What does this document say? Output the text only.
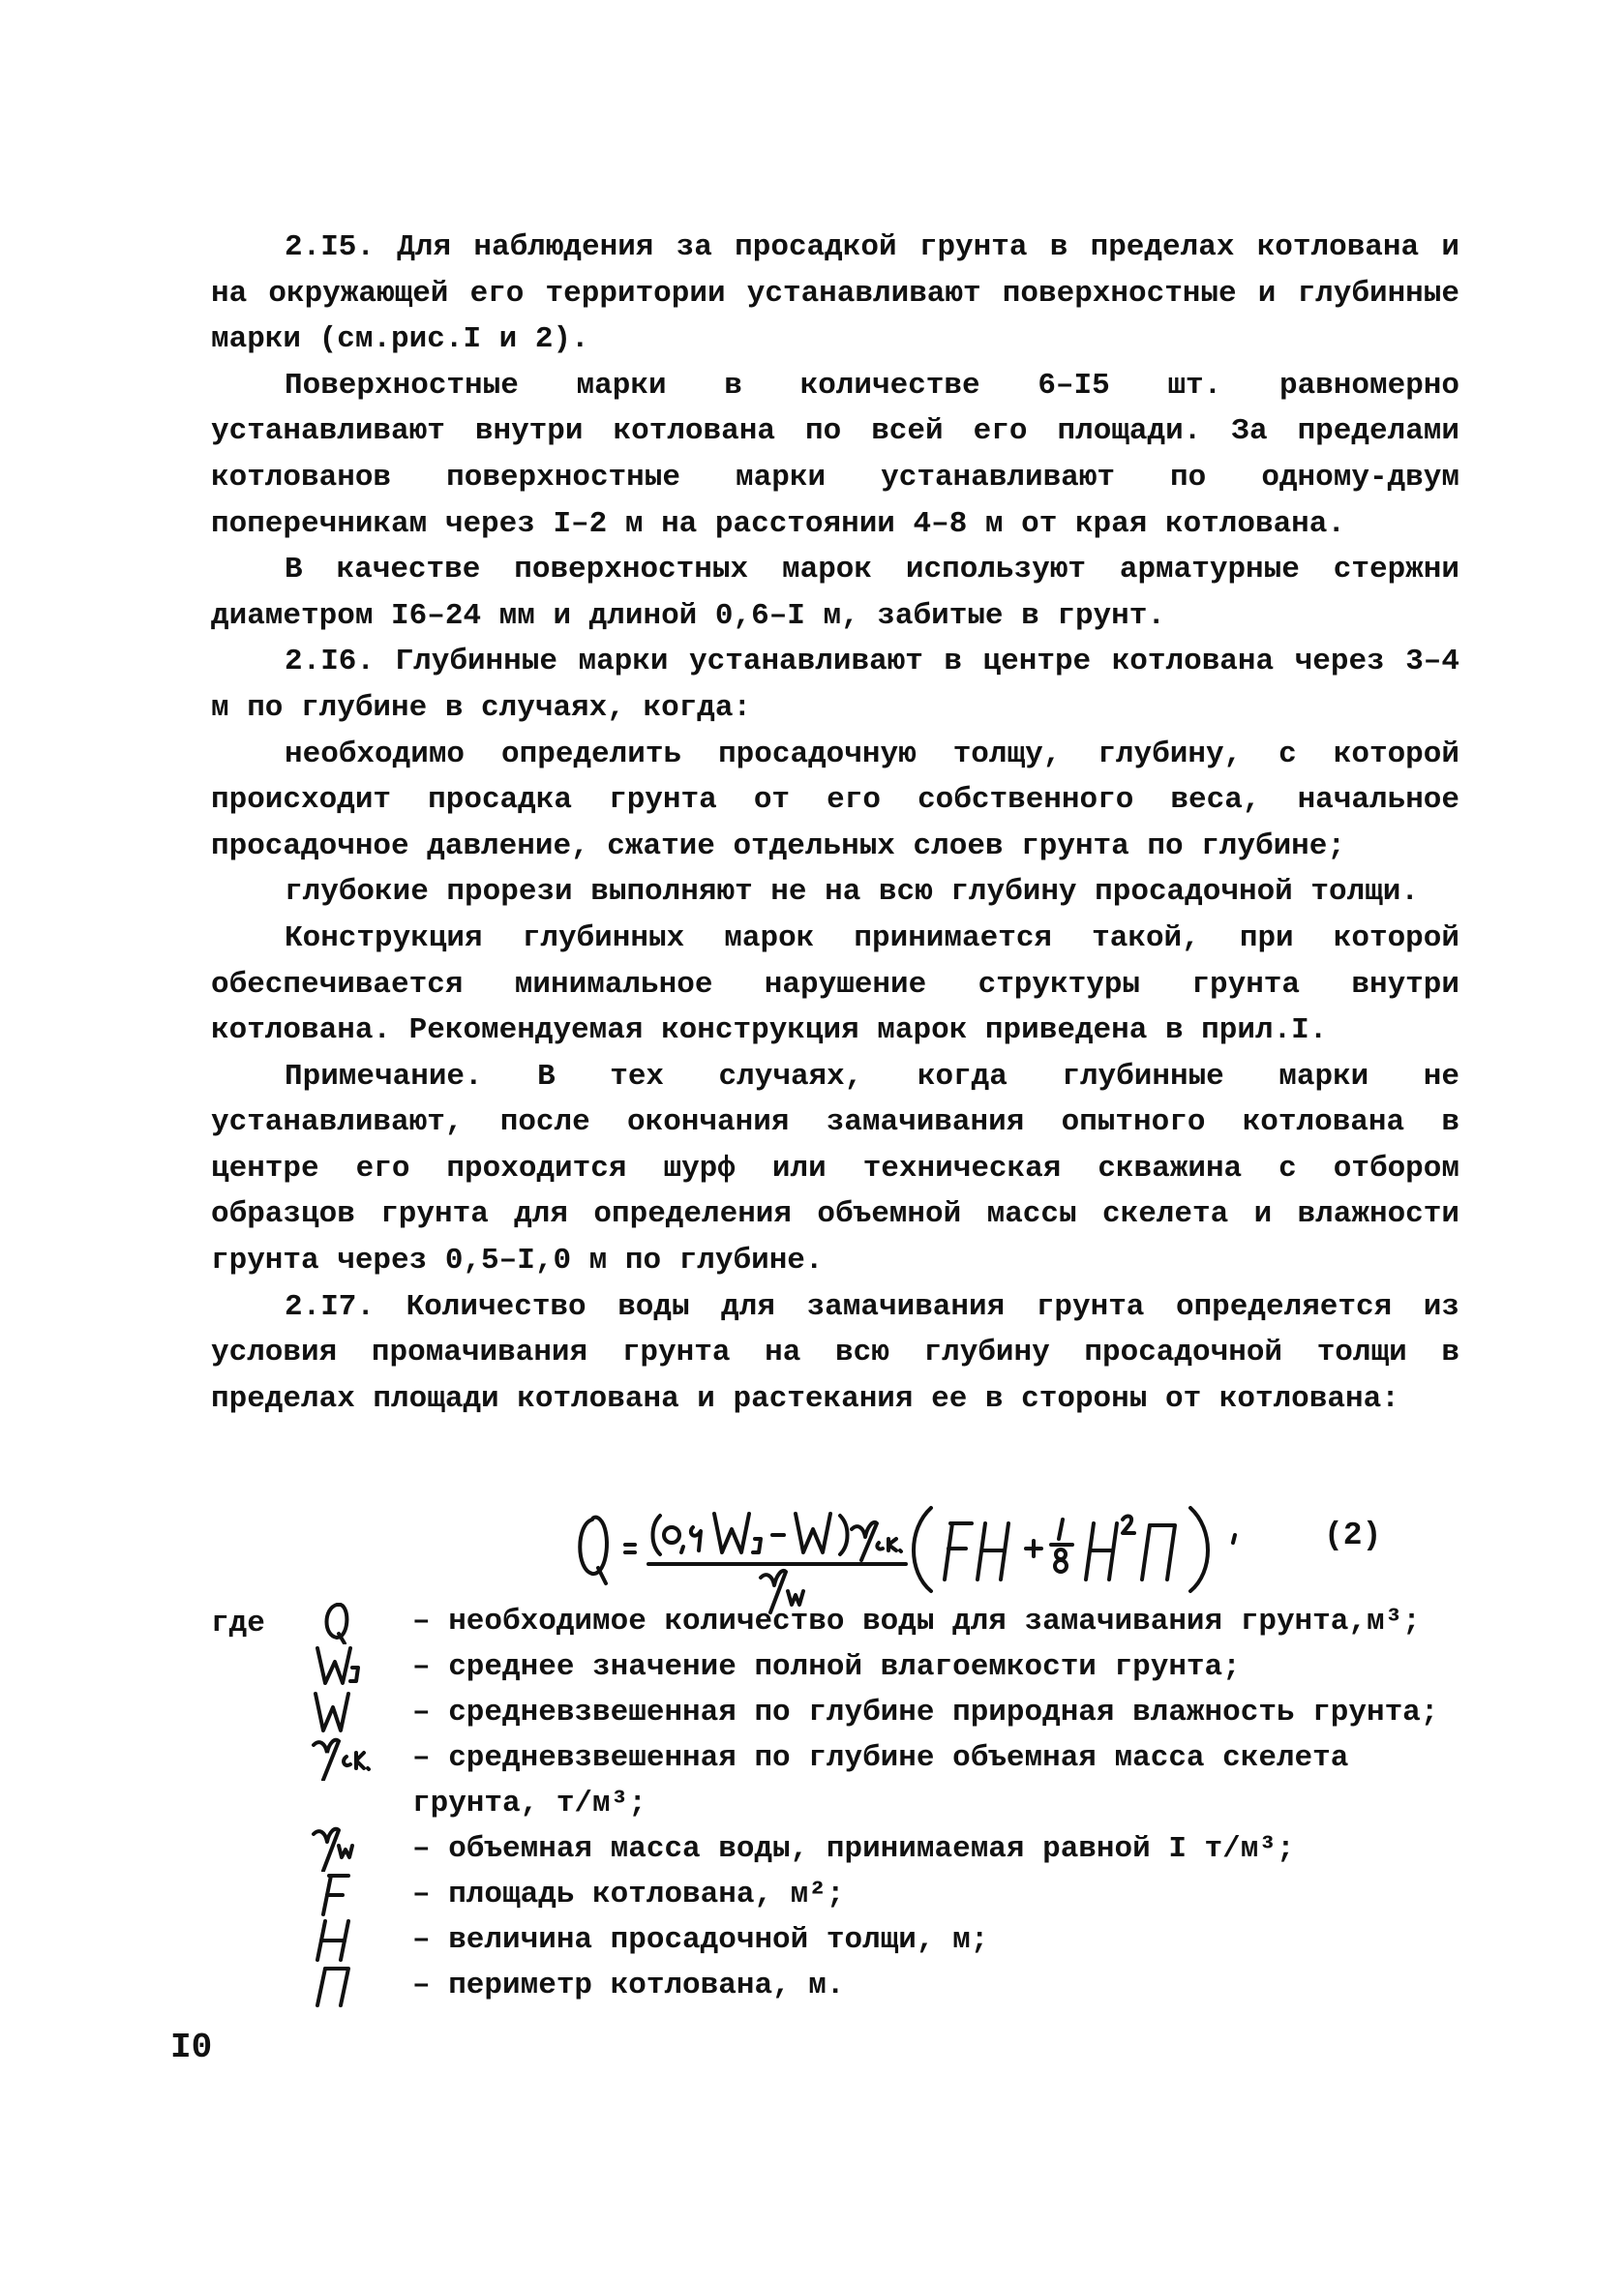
2.I5. Для наблюдения за просадкой грунта в пределах котлована и на окружающей его территории устанавливают поверхностные и глубинные марки (см.рис.I и 2).

Поверхностные марки в количестве 6–I5 шт. равномерно устанавливают внутри котлована по всей его площади. За пределами котлованов поверхностные марки устанавливают по одному-двум поперечникам через I–2 м на расстоянии 4–8 м от края котлована.

В качестве поверхностных марок используют арматурные стержни диаметром I6–24 мм и длиной 0,6–I м, забитые в грунт.

2.I6. Глубинные марки устанавливают в центре котлована через 3–4 м по глубине в случаях, когда:

необходимо определить просадочную толщу, глубину, с которой происходит просадка грунта от его собственного веса, начальное просадочное давление, сжатие отдельных слоев грунта по глубине;

глубокие прорези выполняют не на всю глубину просадочной толщи.

Конструкция глубинных марок принимается такой, при которой обеспечивается минимальное нарушение структуры грунта внутри котлована. Рекомендуемая конструкция марок приведена в прил.I.

Примечание. В тех случаях, когда глубинные марки не устанавливают, после окончания замачивания опытного котлована в центре его проходится шурф или техническая скважина с отбором образцов грунта для определения объемной массы скелета и влажности грунта через 0,5–I,0 м по глубине.

2.I7. Количество воды для замачивания грунта определяется из условия промачивания грунта на всю глубину просадочной толщи в пределах площади котлована и растекания ее в стороны от котлована:

(2)
где	– необходимое количество воды для замачивания грунта,м³;
– среднее значение полной влагоемкости грунта;
– средневзвешенная по глубине природная влажность грунта;
– средневзвешенная по глубине объемная масса скелета грунта, т/м³;
– объемная масса воды, принимаемая равной I т/м³;
– площадь котлована, м²;
– величина просадочной толщи, м;
– периметр котлована, м.
I0
